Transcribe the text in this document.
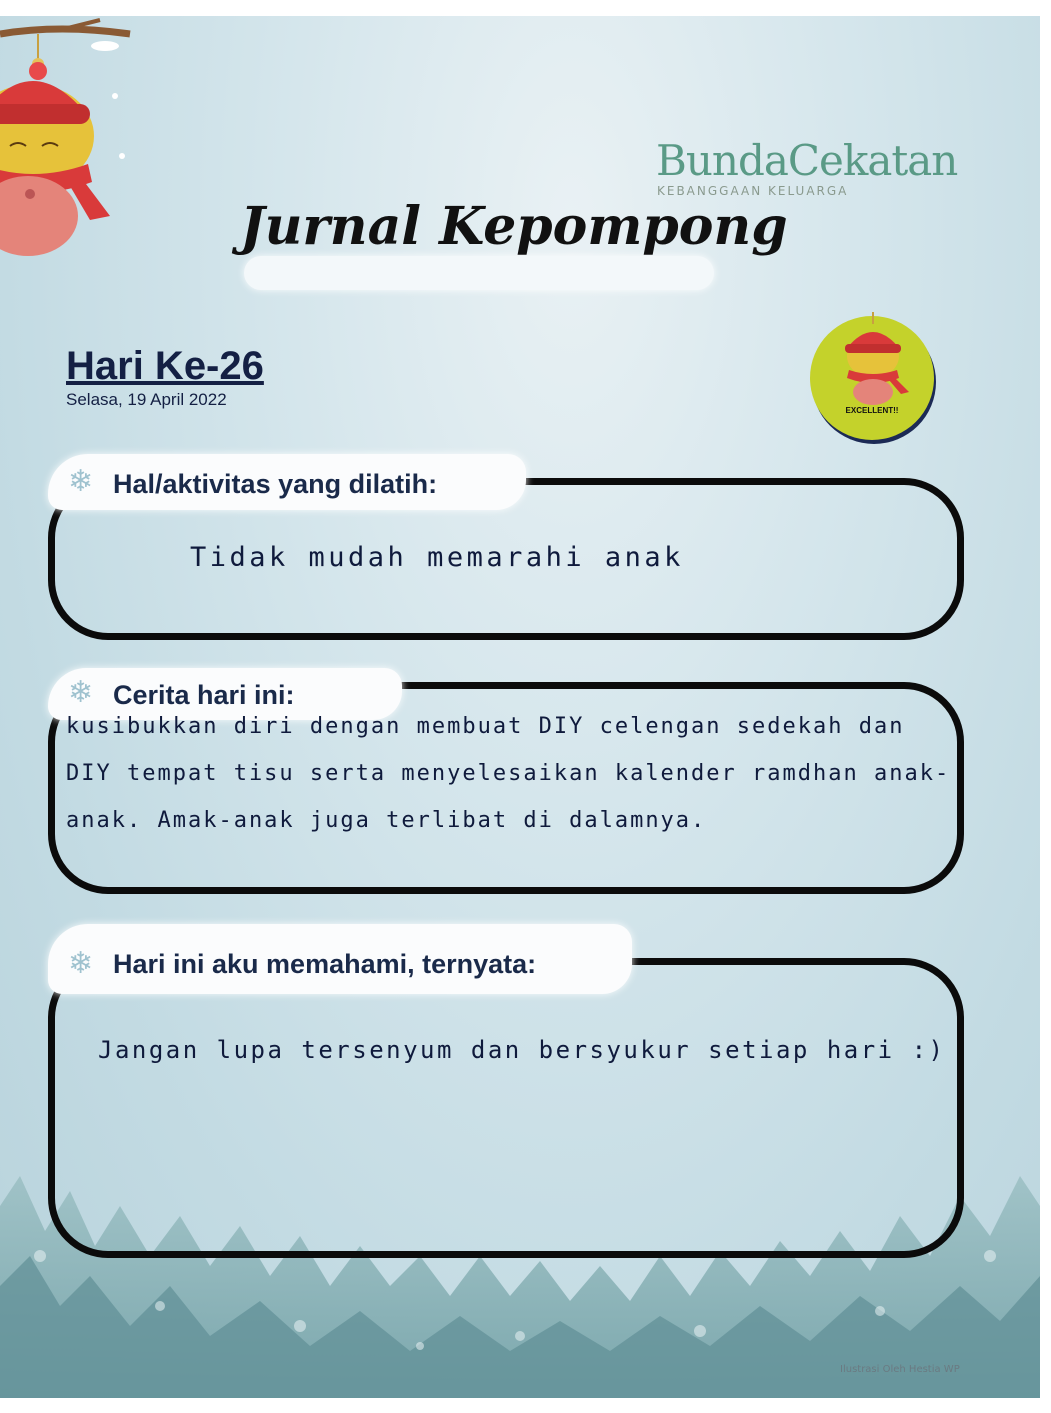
BundaCekatan
KEBANGGAAN KELUARGA
Jurnal Kepompong
Hari Ke-26
Selasa, 19 April 2022
EXCELLENT!!
❄ Hal/aktivitas yang dilatih:
Tidak mudah memarahi anak
❄ Cerita hari ini:
kusibukkan diri dengan membuat DIY celengan sedekah dan
DIY tempat tisu serta menyelesaikan kalender ramdhan anak-
anak. Amak-anak juga terlibat di dalamnya.
❄ Hari ini aku memahami, ternyata:
Jangan lupa tersenyum dan bersyukur setiap hari :)
Ilustrasi Oleh Hestia WP
